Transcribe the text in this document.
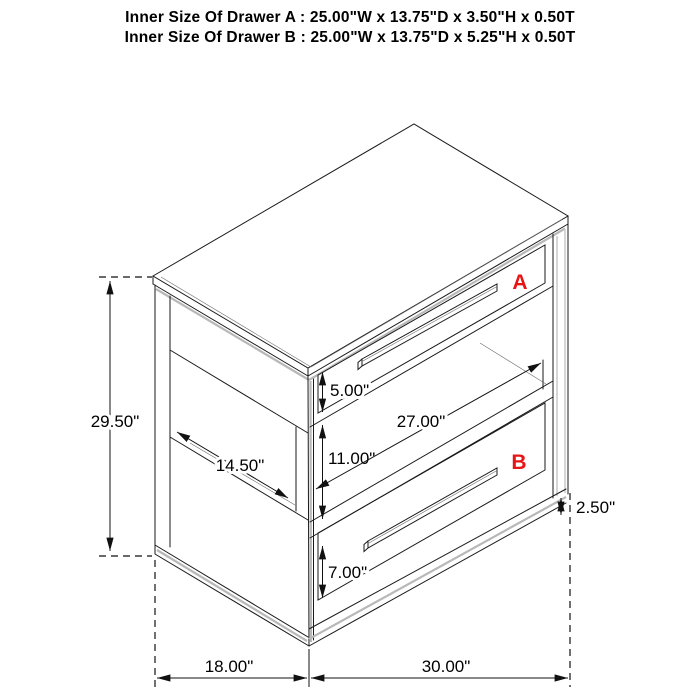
Inner Size Of Drawer A : 25.00"W x 13.75"D x 3.50"H x 0.50T
Inner Size Of Drawer B : 25.00"W x 13.75"D x 5.25"H x 0.50T
A
B
29.50"
5.00"
11.00"
7.00"
27.00"
14.50"
2.50"
18.00"	30.00"
